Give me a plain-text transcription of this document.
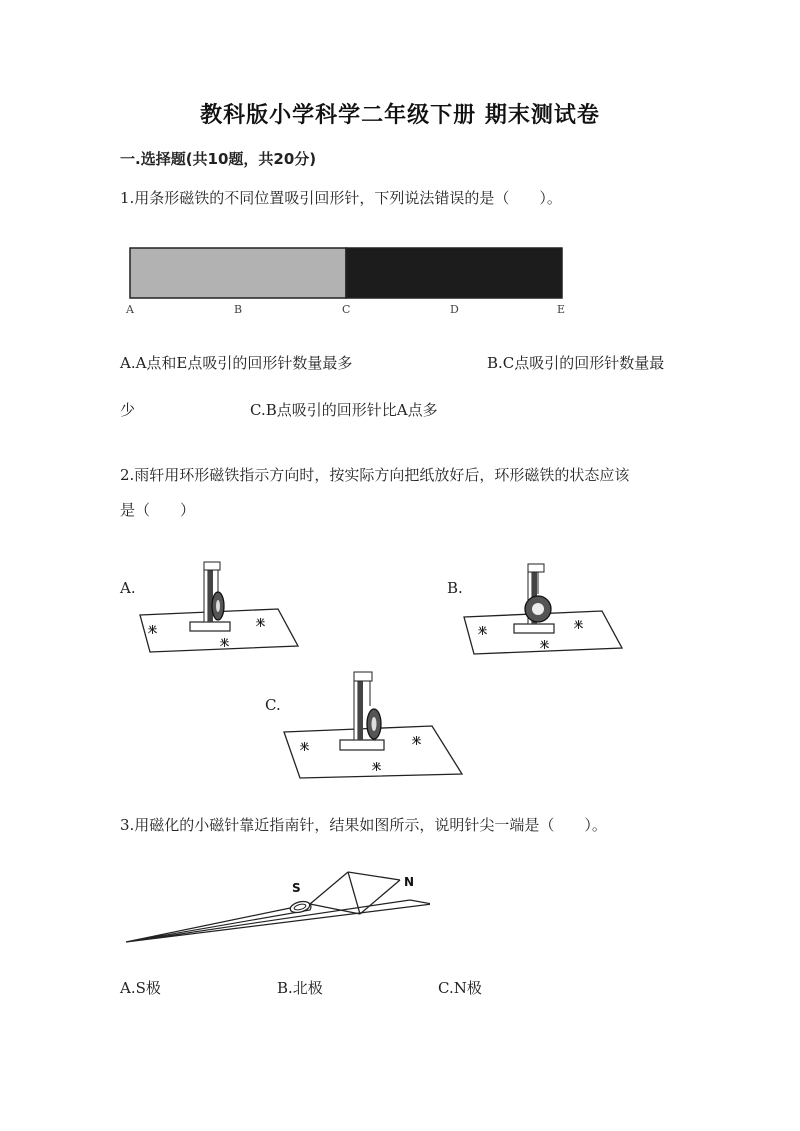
教科版小学科学二年级下册 期末测试卷
一.选择题(共10题，共20分)
1.用条形磁铁的不同位置吸引回形针，下列说法错误的是（　　）。
A	B	C	D	E
A.A点和E点吸引的回形针数量最多	B.C点吸引的回形针数量最
少	C.B点吸引的回形针比A点多
2.雨轩用环形磁铁指示方向时，按实际方向把纸放好后，环形磁铁的状态应该
是（　　）
A.
米
米
米
B.
米
米
米
C.
米
米
米
3.用磁化的小磁针靠近指南针，结果如图所示，说明针尖一端是（　　）。
S	N
A.S极	B.北极	C.N极
